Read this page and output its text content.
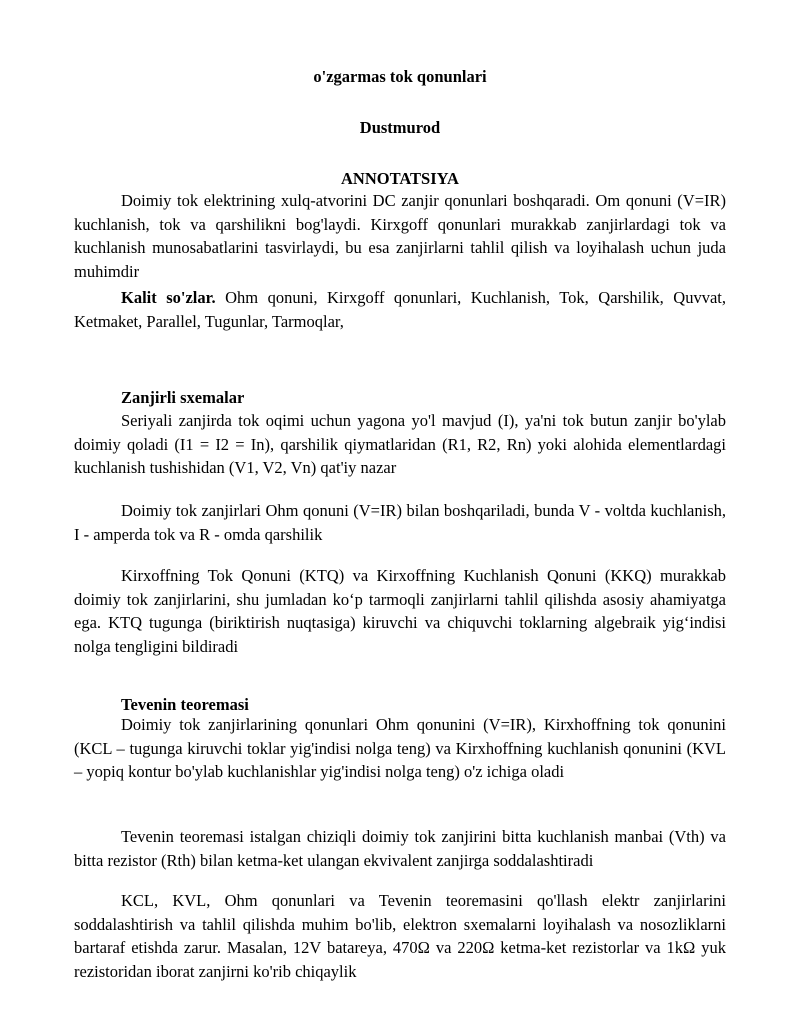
o'zgarmas tok qonunlari

Dustmurod

ANNOTATSIYA

Doimiy tok elektrining xulq-atvorini DC zanjir qonunlari boshqaradi. Om qonuni (V=IR) kuchlanish, tok va qarshilikni bog'laydi. Kirxgoff qonunlari murakkab zanjirlardagi tok va kuchlanish munosabatlarini tasvirlaydi, bu esa zanjirlarni tahlil qilish va loyihalash uchun juda muhimdir

Kalit so'zlar. Ohm qonuni, Kirxgoff qonunlari, Kuchlanish, Tok, Qarshilik, Quvvat, Ketmaket, Parallel, Tugunlar, Tarmoqlar,

Zanjirli sxemalar

Seriyali zanjirda tok oqimi uchun yagona yo'l mavjud (I), ya'ni tok butun zanjir bo'ylab doimiy qoladi (I1 = I2 = In), qarshilik qiymatlaridan (R1, R2, Rn) yoki alohida elementlardagi kuchlanish tushishidan (V1, V2, Vn) qat'iy nazar

Doimiy tok zanjirlari Ohm qonuni (V=IR) bilan boshqariladi, bunda V - voltda kuchlanish, I - amperda tok va R - omda qarshilik

Kirxoffning Tok Qonuni (KTQ) va Kirxoffning Kuchlanish Qonuni (KKQ) murakkab doimiy tok zanjirlarini, shu jumladan ko‘p tarmoqli zanjirlarni tahlil qilishda asosiy ahamiyatga ega. KTQ tugunga (biriktirish nuqtasiga) kiruvchi va chiquvchi toklarning algebraik yig‘indisi nolga tengligini bildiradi

Tevenin teoremasi

Doimiy tok zanjirlarining qonunlari Ohm qonunini (V=IR), Kirxhoffning tok qonunini (KCL – tugunga kiruvchi toklar yig'indisi nolga teng) va Kirxhoffning kuchlanish qonunini (KVL – yopiq kontur bo'ylab kuchlanishlar yig'indisi nolga teng) o'z ichiga oladi

Tevenin teoremasi istalgan chiziqli doimiy tok zanjirini bitta kuchlanish manbai (Vth) va bitta rezistor (Rth) bilan ketma-ket ulangan ekvivalent zanjirga soddalashtiradi

KCL, KVL, Ohm qonunlari va Tevenin teoremasini qo'llash elektr zanjirlarini soddalashtirish va tahlil qilishda muhim bo'lib, elektron sxemalarni loyihalash va nosozliklarni bartaraf etishda zarur. Masalan, 12V batareya, 470Ω va 220Ω ketma-ket rezistorlar va 1kΩ yuk rezistoridan iborat zanjirni ko'rib chiqaylik
